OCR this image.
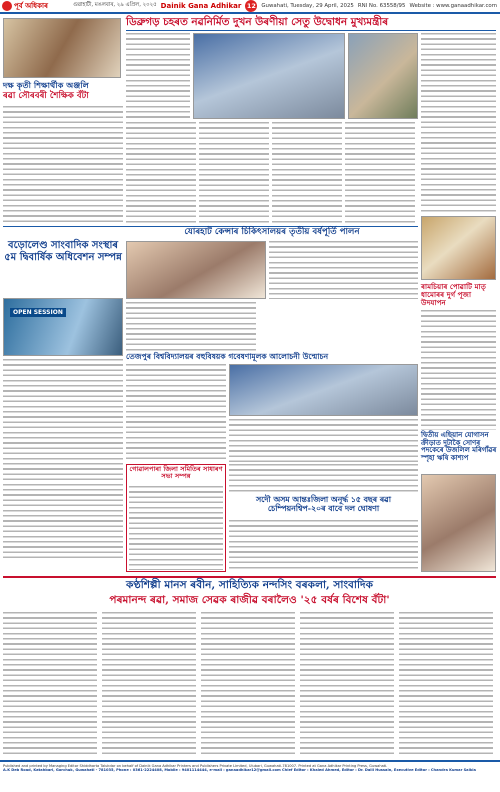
পূৰ্ব অধিকাৰ	গুৱাহাটী, মঙলবাৰ, ২৯ এপ্ৰিল, ২০২৫ Dainik Gana Adhikar 12 Guwahati, Tuesday, 29 April, 2025 RNI No. 63558/95 Website : www.ganaadhikar.com
দক্ষ কৃতী শিক্ষার্থীক অঞ্জলি
ৰৱা সৌৰবৰী শৈক্ষিক বঁটা
ডিব্ৰুগড় চহৰত নৱনিৰ্মিত দুখন উৰণীয়া সেতু উদ্বোধন মুখ্যমন্ত্ৰীৰ
যোৰহাট কেন্সাৰ চিকিৎসালয়ৰ তৃতীয় বৰ্ষপূৰ্তি পালন
বড়োলেণ্ড সাংবাদিক সংস্থাৰ ৫ম দ্বিবাৰ্ষিক অধিবেশন সম্পন্ন
OPEN SESSION
তেজপুৰ বিশ্ববিদ্যালয়ৰ বহুবিষয়ক গবেষণামূলক আলোচনী উন্মোচন
গোৱালপাৰা জিলা সমিতিৰ সাধাৰণ সভা সম্পন্ন
সদৌ অসম আন্তঃজিলা অনূৰ্দ্ধ ১৫ বছৰ ৰৱা চেম্পিয়নশ্বিপ-২০ৰ বাবে দল ঘোষণা
ৰামচিয়াৰ পোৱাটি মাতৃ ধামোৰৰ দুৰ্গ পূজা উদযাপন
দ্বিতীয় এছিয়ান যোগাসন ক্ৰীড়াত দুটাকৈ সোণৰ পদকেৰে উজলিল মৰিগাঁৱৰ স্পৃহা ঋষি কাশ্যপ
কণ্ঠশিল্পী মানস ৰবীন, সাহিত্যিক নন্দসিং বৰকলা, সাংবাদিক
পৰমানন্দ ৰৱা, সমাজ সেৱক ৰাজীৱ বৰালৈও '২৫ বৰ্ষৰ বিশেষ বঁটা'
Published and printed by Managing Editor Shiddharta Talukdar on behalf of Dainik Gana Adhikar Printers and Publishers Private Limited, Ulubari, Guwahati-781007. Printed at Gana Adhikar Printing Press, Guwahati.
A.K Deb Road, Katahbari, Gorchuk, Guwahati - 781035, Phone : 0361-2224408, Mobile : 9401114444, e-mail : ganaadhikar12@gmail.com Chief Editor : Khaled Ahmed, Editor : Dr. Dalil Hussain, Executive Editor : Chandra Kumar Saikia
